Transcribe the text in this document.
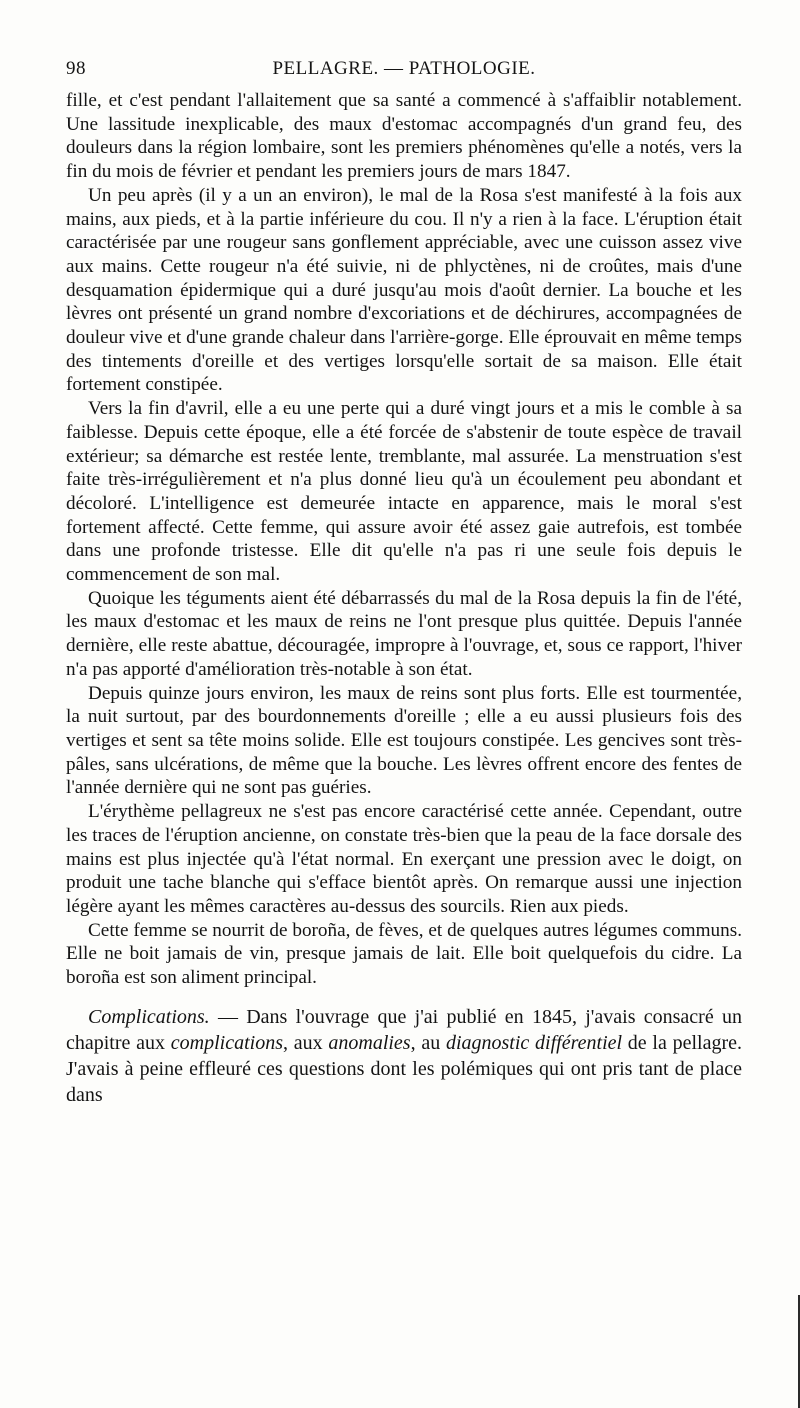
98	PELLAGRE. — PATHOLOGIE.

fille, et c'est pendant l'allaitement que sa santé a commencé à s'affaiblir notablement. Une lassitude inexplicable, des maux d'estomac accompagnés d'un grand feu, des douleurs dans la région lombaire, sont les premiers phénomènes qu'elle a notés, vers la fin du mois de février et pendant les premiers jours de mars 1847.

Un peu après (il y a un an environ), le mal de la Rosa s'est manifesté à la fois aux mains, aux pieds, et à la partie inférieure du cou. Il n'y a rien à la face. L'éruption était caractérisée par une rougeur sans gonflement appréciable, avec une cuisson assez vive aux mains. Cette rougeur n'a été suivie, ni de phlyctènes, ni de croûtes, mais d'une desquamation épidermique qui a duré jusqu'au mois d'août dernier. La bouche et les lèvres ont présenté un grand nombre d'excoriations et de déchirures, accompagnées de douleur vive et d'une grande chaleur dans l'arrière-gorge. Elle éprouvait en même temps des tintements d'oreille et des vertiges lorsqu'elle sortait de sa maison. Elle était fortement constipée.

Vers la fin d'avril, elle a eu une perte qui a duré vingt jours et a mis le comble à sa faiblesse. Depuis cette époque, elle a été forcée de s'abstenir de toute espèce de travail extérieur; sa démarche est restée lente, tremblante, mal assurée. La menstruation s'est faite très-irrégulièrement et n'a plus donné lieu qu'à un écoulement peu abondant et décoloré. L'intelligence est demeurée intacte en apparence, mais le moral s'est fortement affecté. Cette femme, qui assure avoir été assez gaie autrefois, est tombée dans une profonde tristesse. Elle dit qu'elle n'a pas ri une seule fois depuis le commencement de son mal.

Quoique les téguments aient été débarrassés du mal de la Rosa depuis la fin de l'été, les maux d'estomac et les maux de reins ne l'ont presque plus quittée. Depuis l'année dernière, elle reste abattue, découragée, impropre à l'ouvrage, et, sous ce rapport, l'hiver n'a pas apporté d'amélioration très-notable à son état.

Depuis quinze jours environ, les maux de reins sont plus forts. Elle est tourmentée, la nuit surtout, par des bourdonnements d'oreille ; elle a eu aussi plusieurs fois des vertiges et sent sa tête moins solide. Elle est toujours constipée. Les gencives sont très-pâles, sans ulcérations, de même que la bouche. Les lèvres offrent encore des fentes de l'année dernière qui ne sont pas guéries.

L'érythème pellagreux ne s'est pas encore caractérisé cette année. Cependant, outre les traces de l'éruption ancienne, on constate très-bien que la peau de la face dorsale des mains est plus injectée qu'à l'état normal. En exerçant une pression avec le doigt, on produit une tache blanche qui s'efface bientôt après. On remarque aussi une injection légère ayant les mêmes caractères au-dessus des sourcils. Rien aux pieds.

Cette femme se nourrit de boroña, de fèves, et de quelques autres légumes communs. Elle ne boit jamais de vin, presque jamais de lait. Elle boit quelquefois du cidre. La boroña est son aliment principal.

Complications. — Dans l'ouvrage que j'ai publié en 1845, j'avais consacré un chapitre aux complications, aux anomalies, au diagnostic différentiel de la pellagre. J'avais à peine effleuré ces questions dont les polémiques qui ont pris tant de place dans
